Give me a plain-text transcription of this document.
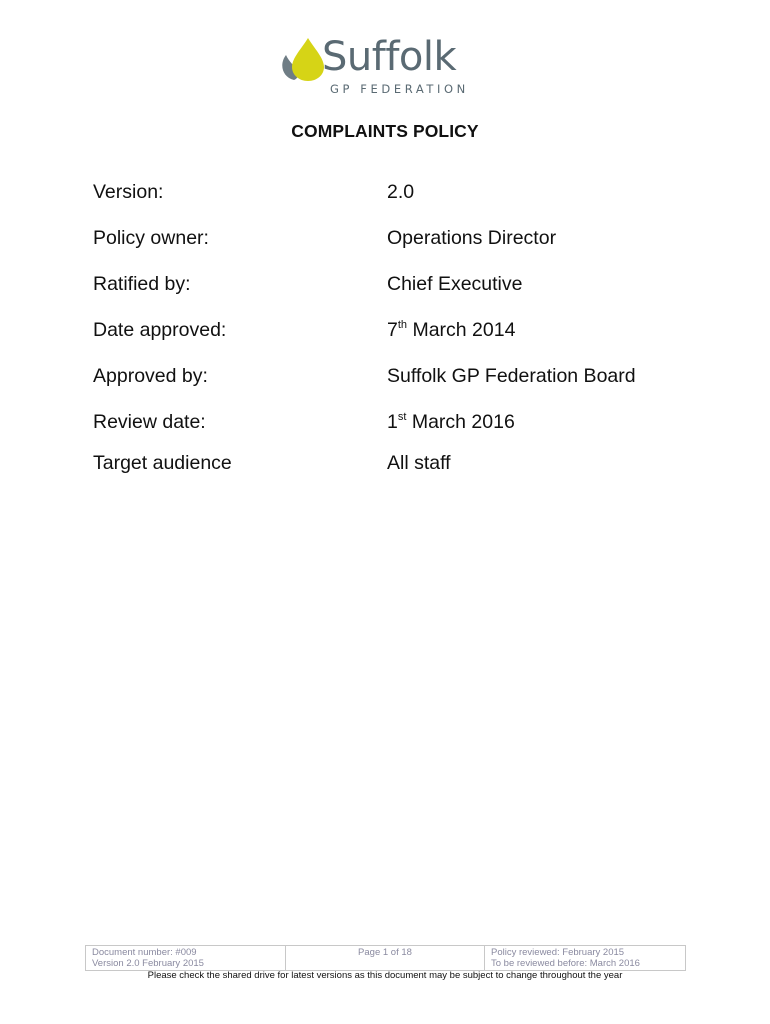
Suffolk
GP FEDERATION
COMPLAINTS POLICY
Version:	2.0
Policy owner:	Operations Director
Ratified by:	Chief Executive
Date approved:	7th March 2014
Approved by:	Suffolk GP Federation Board
Review date:	1st March 2016
Target audience	All staff
Document number: #009
Version 2.0 February 2015
Page 1 of 18	Policy reviewed: February 2015
To be reviewed before: March 2016
Please check the shared drive for latest versions as this document may be subject to change throughout the year
